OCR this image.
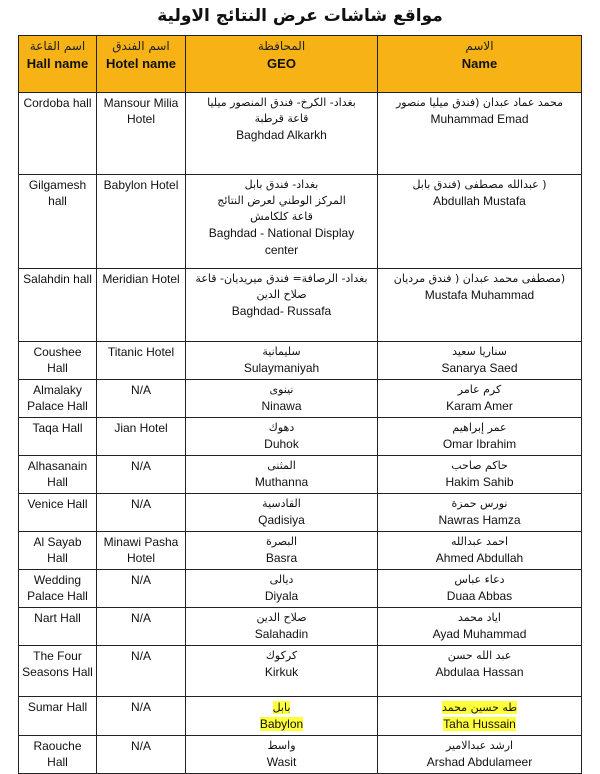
مواقع شاشات عرض النتائج الاولية
اسم القاعة
Hall name	اسم الفندق
Hotel name	المحافظة
GEO	الاسم
Name

Cordoba hall	Mansour Milia Hotel	بغداد- الكرخ- فندق المنصور ميليا
قاعة قرطبة
Baghdad Alkarkh	محمد عماد عبدان (فندق ميليا منصور
Muhammad Emad

Gilgamesh hall	Babylon Hotel	بغداد- فندق بابل
المركز الوطني لعرض النتائج
قاعة كلكامش
Baghdad - National Display
center	( عبدالله مصطفى (فندق بابل
Abdullah Mustafa

Salahdin hall	Meridian Hotel	بغداد- الرصافة= فندق ميريديان- قاعة
صلاح الدين
Baghdad- Russafa	(مصطفى محمد عبدان ( فندق مرديان
Mustafa Muhammad

Coushee Hall	Titanic Hotel	سليمانية
Sulaymaniyah	سناريا سعيد
Sanarya Saed

Almalaky Palace Hall	N/A	نينوى
Ninawa	كرم عامر
Karam Amer

Taqa Hall	Jian Hotel	دهوك
Duhok	عمر إبراهيم
Omar Ibrahim

Alhasanain Hall	N/A	المثنى
Muthanna	حاكم صاحب
Hakim Sahib

Venice Hall	N/A	القادسية
Qadisiya	نورس حمزة
Nawras Hamza

Al Sayab Hall	Minawi Pasha Hotel	البصرة
Basra	احمد عبدالله
Ahmed Abdullah

Wedding Palace Hall	N/A	ديالى
Diyala	دعاء عباس
Duaa Abbas

Nart Hall	N/A	صلاح الدين
Salahadin	اياد محمد
Ayad Muhammad

The Four Seasons Hall	N/A	كركوك
Kirkuk	عبد الله حسن
Abdulaa Hassan

Sumar Hall	N/A	بابل
Babylon	طه حسين محمد
Taha Hussain

Raouche Hall	N/A	واسط
Wasit	ارشد عبدالامير
Arshad Abdulameer
